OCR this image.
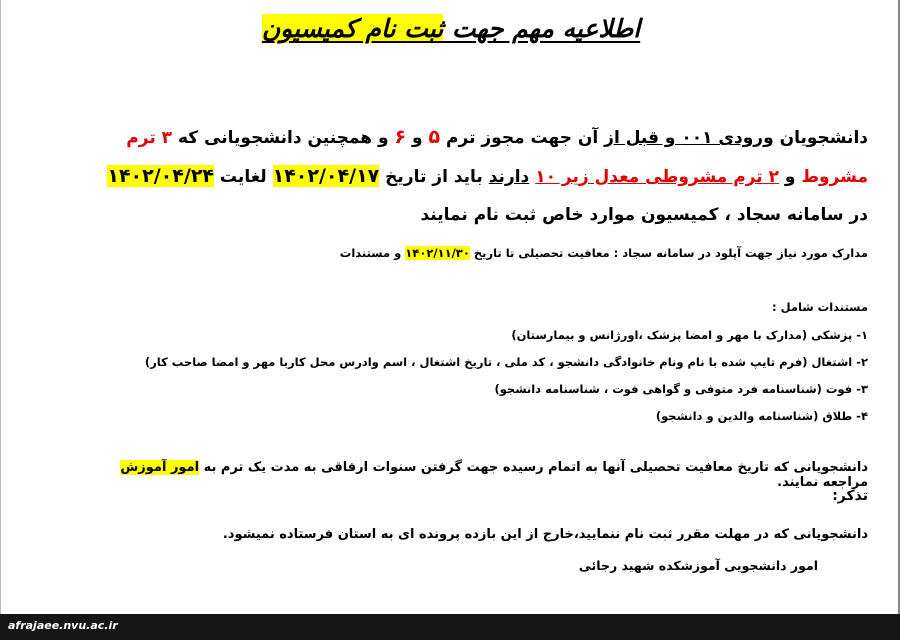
اطلاعیه مهم جهت ثبت نام کمیسیون
دانشجویان ورودی ۰۰۱ و قبل از آن جهت مجوز ترم ۵ و ۶ و همچنین دانشجویانی که ۳ ترم مشروط و ۲ ترم مشروطی معدل زیر ۱۰ دارند باید از تاریخ ۱۴۰۲/۰۴/۱۷ لغایت ۱۴۰۲/۰۴/۲۴ در سامانه سجاد ، کمیسیون موارد خاص ثبت نام نمایند
مدارک مورد نیاز جهت آپلود در سامانه سجاد : معافیت تحصیلی تا تاریخ ۱۴۰۲/۱۱/۳۰ و مستندات
مستندات شامل :
۱- پزشکی (مدارک با مهر و امضا پزشک ،اورژانس و بیمارستان)
۲- اشتغال (فرم تایپ شده با نام ونام خانوادگی دانشجو ، کد ملی ، تاریخ اشتغال ، اسم وادرس محل کاربا مهر و امضا صاحب کار)
۳- فوت (شناسنامه فرد متوفی و گواهی فوت ، شناسنامه دانشجو)
۴- طلاق (شناسنامه والدین و دانشجو)
دانشجویانی که تاریخ معافیت تحصیلی آنها به اتمام رسیده جهت گرفتن سنوات ارفاقی به مدت یک ترم به امور آموزش مراجعه نمایند.
تذکر:
دانشجویانی که در مهلت مقرر ثبت نام ننمایید،خارج از این بازده پرونده ای به استان فرستاده نمیشود.
امور دانشجویی آموزشکده شهید رجائی
afrajaee.nvu.ac.ir
